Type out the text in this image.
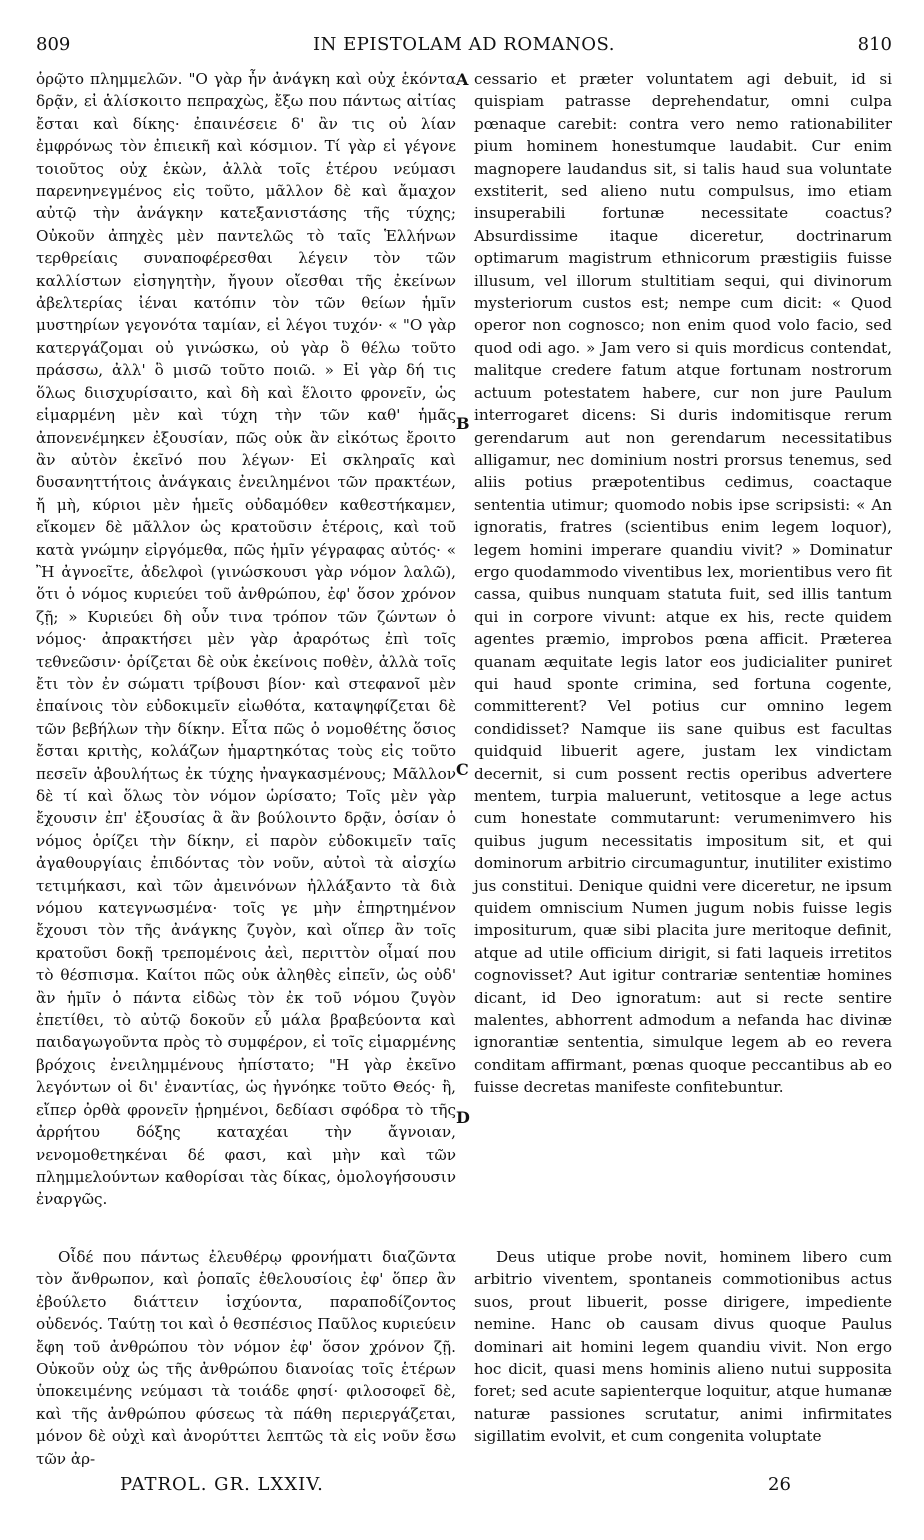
809	IN EPISTOLAM AD ROMANOS.	810
A
B
C
D

ὁρῷτο πλημμελῶν. "Ο γὰρ ἦν ἀνάγκη καὶ οὐχ ἑκόντα δρᾷν, εἰ ἁλίσκοιτο πεπραχὼς, ἔξω που πάντως αἰτίας ἔσται καὶ δίκης· ἐπαινέσειε δ' ἂν τις οὐ λίαν ἐμφρόνως τὸν ἐπιεικῆ καὶ κόσμιον. Τί γὰρ εἰ γέγονε τοιοῦτος οὐχ ἑκὼν, ἀλλὰ τοῖς ἑτέρου νεύμασι παρενηνεγμένος εἰς τοῦτο, μᾶλλον δὲ καὶ ἄμαχον αὐτῷ τὴν ἀνάγκην κατεξανιστάσης τῆς τύχης; Οὐκοῦν ἀπηχὲς μὲν παντελῶς τὸ ταῖς Ἑλλήνων τερθρείαις συναποφέρεσθαι λέγειν τὸν τῶν καλλίστων εἰσηγητὴν, ἤγουν οἴεσθαι τῆς ἐκείνων ἀβελτερίας ἰέναι κατόπιν τὸν τῶν θείων ἡμῖν μυστηρίων γεγονότα ταμίαν, εἰ λέγοι τυχόν· « "Ο γὰρ κατεργάζομαι οὐ γινώσκω, οὐ γὰρ ὃ θέλω τοῦτο πράσσω, ἀλλ' ὃ μισῶ τοῦτο ποιῶ. » Εἰ γὰρ δή τις ὅλως διισχυρίσαιτο, καὶ δὴ καὶ ἕλοιτο φρονεῖν, ὡς εἱμαρμένη μὲν καὶ τύχη τὴν τῶν καθ' ἡμᾶς ἀπονενέμηκεν ἐξουσίαν, πῶς οὐκ ἂν εἰκότως ἔροιτο ἂν αὐτὸν ἐκεῖνό που λέγων· Εἰ σκληραῖς καὶ δυσανηττήτοις ἀνάγκαις ἐνειλημένοι τῶν πρακτέων, ἤ μὴ, κύριοι μὲν ἡμεῖς οὐδαμόθεν καθεστήκαμεν, εἴκομεν δὲ μᾶλλον ὡς κρατοῦσιν ἑτέροις, καὶ τοῦ κατὰ γνώμην εἰργόμεθα, πῶς ἡμῖν γέγραφας αὐτός· « Ἢ ἀγνοεῖτε, ἀδελφοὶ (γινώσκουσι γὰρ νόμον λαλῶ), ὅτι ὁ νόμος κυριεύει τοῦ ἀνθρώπου, ἐφ' ὅσον χρόνον ζῇ; » Κυριεύει δὴ οὖν τινα τρόπον τῶν ζώντων ὁ νόμος· ἀπρακτήσει μὲν γὰρ ἀραρότως ἐπὶ τοῖς τεθνεῶσιν· ὁρίζεται δὲ οὐκ ἐκείνοις ποθὲν, ἀλλὰ τοῖς ἔτι τὸν ἐν σώματι τρίβουσι βίον· καὶ στεφανοῖ μὲν ἐπαίνοις τὸν εὐδοκιμεῖν εἰωθότα, καταψηφίζεται δὲ τῶν βεβήλων τὴν δίκην. Εἶτα πῶς ὁ νομοθέτης ὅσιος ἔσται κριτὴς, κολάζων ἡμαρτηκότας τοὺς εἰς τοῦτο πεσεῖν ἀβουλήτως ἐκ τύχης ἠναγκασμένους; Μᾶλλον δὲ τί καὶ ὅλως τὸν νόμον ὡρίσατο; Τοῖς μὲν γὰρ ἔχουσιν ἐπ' ἐξουσίας ἃ ἂν βούλοιντο δρᾷν, ὁσίαν ὁ νόμος ὁρίζει τὴν δίκην, εἰ παρὸν εὐδοκιμεῖν ταῖς ἀγαθουργίαις ἐπιδόντας τὸν νοῦν, αὐτοὶ τὰ αἰσχίω τετιμήκασι, καὶ τῶν ἀμεινόνων ἠλλάξαντο τὰ διὰ νόμου κατεγνωσμένα· τοῖς γε μὴν ἐπηρτημένον ἔχουσι τὸν τῆς ἀνάγκης ζυγὸν, καὶ οἵπερ ἂν τοῖς κρατοῦσι δοκῇ τρεπομένοις ἀεὶ, περιττὸν οἶμαί που τὸ θέσπισμα. Καίτοι πῶς οὐκ ἀληθὲς εἰπεῖν, ὡς οὐδ' ἂν ἡμῖν ὁ πάντα εἰδὼς τὸν ἐκ τοῦ νόμου ζυγὸν ἐπετίθει, τὸ αὐτῷ δοκοῦν εὖ μάλα βραβεύοντα καὶ παιδαγωγοῦντα πρὸς τὸ συμφέρον, εἰ τοῖς εἱμαρμένης βρόχοις ἐνειλημμένους ἠπίστατο; "Η γὰρ ἐκεῖνο λεγόντων οἱ δι' ἐναντίας, ὡς ἠγνόηκε τοῦτο Θεός· ἢ, εἴπερ ὀρθὰ φρονεῖν ᾑρημένοι, δεδίασι σφόδρα τὸ τῆς ἀρρήτου δόξης καταχέαι τὴν ἄγνοιαν, νενομοθετηκέναι δέ φασι, καὶ μὴν καὶ τῶν πλημμελούντων καθορίσαι τὰς δίκας, ὁμολογήσουσιν ἐναργῶς.

cessario et præter voluntatem agi debuit, id si quispiam patrasse deprehendatur, omni culpa pœnaque carebit: contra vero nemo rationabiliter pium hominem honestumque laudabit. Cur enim magnopere laudandus sit, si talis haud sua voluntate exstiterit, sed alieno nutu compulsus, imo etiam insuperabili fortunæ necessitate coactus? Absurdissime itaque diceretur, doctrinarum optimarum magistrum ethnicorum præstigiis fuisse illusum, vel illorum stultitiam sequi, qui divinorum mysteriorum custos est; nempe cum dicit: « Quod operor non cognosco; non enim quod volo facio, sed quod odi ago. » Jam vero si quis mordicus contendat, malitque credere fatum atque fortunam nostrorum actuum potestatem habere, cur non jure Paulum interrogaret dicens: Si duris indomitisque rerum gerendarum aut non gerendarum necessitatibus alligamur, nec dominium nostri prorsus tenemus, sed aliis potius præpotentibus cedimus, coactaque sententia utimur; quomodo nobis ipse scripsisti: « An ignoratis, fratres (scientibus enim legem loquor), legem homini imperare quandiu vivit? » Dominatur ergo quodammodo viventibus lex, morientibus vero fit cassa, quibus nunquam statuta fuit, sed illis tantum qui in corpore vivunt: atque ex his, recte quidem agentes præmio, improbos pœna afficit. Præterea quanam æquitate legis lator eos judicialiter puniret qui haud sponte crimina, sed fortuna cogente, committerent? Vel potius cur omnino legem condidisset? Namque iis sane quibus est facultas quidquid libuerit agere, justam lex vindictam decernit, si cum possent rectis operibus advertere mentem, turpia maluerunt, vetitosque a lege actus cum honestate commutarunt: verumenimvero his quibus jugum necessitatis impositum sit, et qui dominorum arbitrio circumaguntur, inutiliter existimo jus constitui. Denique quidni vere diceretur, ne ipsum quidem omniscium Numen jugum nobis fuisse legis impositurum, quæ sibi placita jure meritoque definit, atque ad utile officium dirigit, si fati laqueis irretitos cognovisset? Aut igitur contrariæ sententiæ homines dicant, id Deo ignoratum: aut si recte sentire malentes, abhorrent admodum a nefanda hac divinæ ignorantiæ sententia, simulque legem ab eo revera conditam affirmant, pœnas quoque peccantibus ab eo fuisse decretas manifeste confitebuntur.

Οἶδέ που πάντως ἐλευθέρῳ φρονήματι διαζῶντα τὸν ἄνθρωπον, καὶ ῥοπαῖς ἐθελουσίοις ἐφ' ὅπερ ἂν ἐβούλετο διάττειν ἰσχύοντα, παραποδίζοντος οὐδενός. Ταύτῃ τοι καὶ ὁ θεσπέσιος Παῦλος κυριεύειν ἔφη τοῦ ἀνθρώπου τὸν νόμον ἐφ' ὅσον χρόνον ζῇ. Οὐκοῦν οὐχ ὡς τῆς ἀνθρώπου διανοίας τοῖς ἑτέρων ὑποκειμένης νεύμασι τὰ τοιάδε φησί· φιλοσοφεῖ δὲ, καὶ τῆς ἀνθρώπου φύσεως τὰ πάθη περιεργάζεται, μόνον δὲ οὐχὶ καὶ ἀνορύττει λεπτῶς τὰ εἰς νοῦν ἔσω τῶν ἀρ-

Deus utique probe novit, hominem libero cum arbitrio viventem, spontaneis commotionibus actus suos, prout libuerit, posse dirigere, impediente nemine. Hanc ob causam divus quoque Paulus dominari ait homini legem quandiu vivit. Non ergo hoc dicit, quasi mens hominis alieno nutui supposita foret; sed acute sapienterque loquitur, atque humanæ naturæ passiones scrutatur, animi infirmitates sigillatim evolvit, et cum congenita voluptate

PATROL. GR. LXXIV.	26
